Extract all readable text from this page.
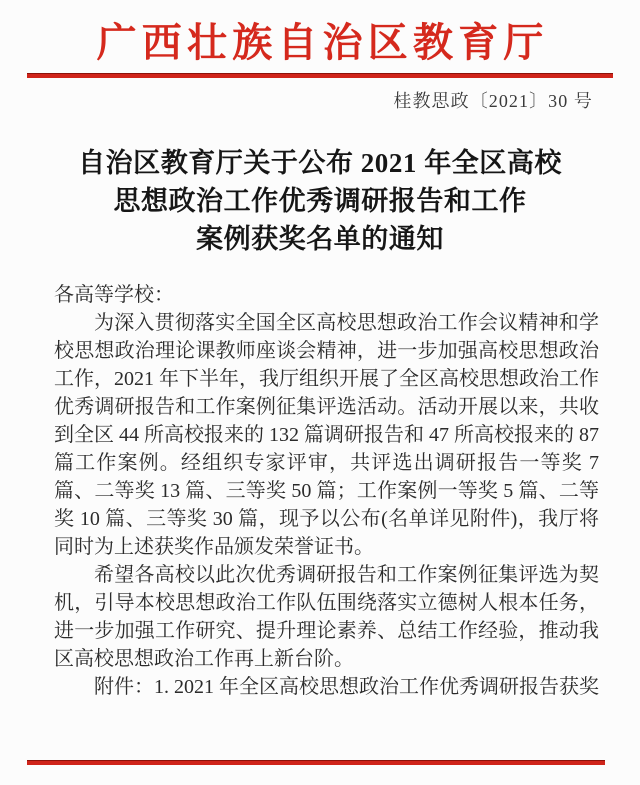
广西壮族自治区教育厅
桂教思政〔2021〕30 号
自治区教育厅关于公布 2021 年全区高校
思想政治工作优秀调研报告和工作
案例获奖名单的通知

各高等学校：

为深入贯彻落实全国全区高校思想政治工作会议精神和学校思想政治理论课教师座谈会精神，进一步加强高校思想政治工作，2021 年下半年，我厅组织开展了全区高校思想政治工作优秀调研报告和工作案例征集评选活动。活动开展以来，共收到全区 44 所高校报来的 132 篇调研报告和 47 所高校报来的 87 篇工作案例。经组织专家评审，共评选出调研报告一等奖 7 篇、二等奖 13 篇、三等奖 50 篇；工作案例一等奖 5 篇、二等奖 10 篇、三等奖 30 篇，现予以公布(名单详见附件)，我厅将同时为上述获奖作品颁发荣誉证书。

希望各高校以此次优秀调研报告和工作案例征集评选为契机，引导本校思想政治工作队伍围绕落实立德树人根本任务，进一步加强工作研究、提升理论素养、总结工作经验，推动我区高校思想政治工作再上新台阶。

附件：1. 2021 年全区高校思想政治工作优秀调研报告获奖
